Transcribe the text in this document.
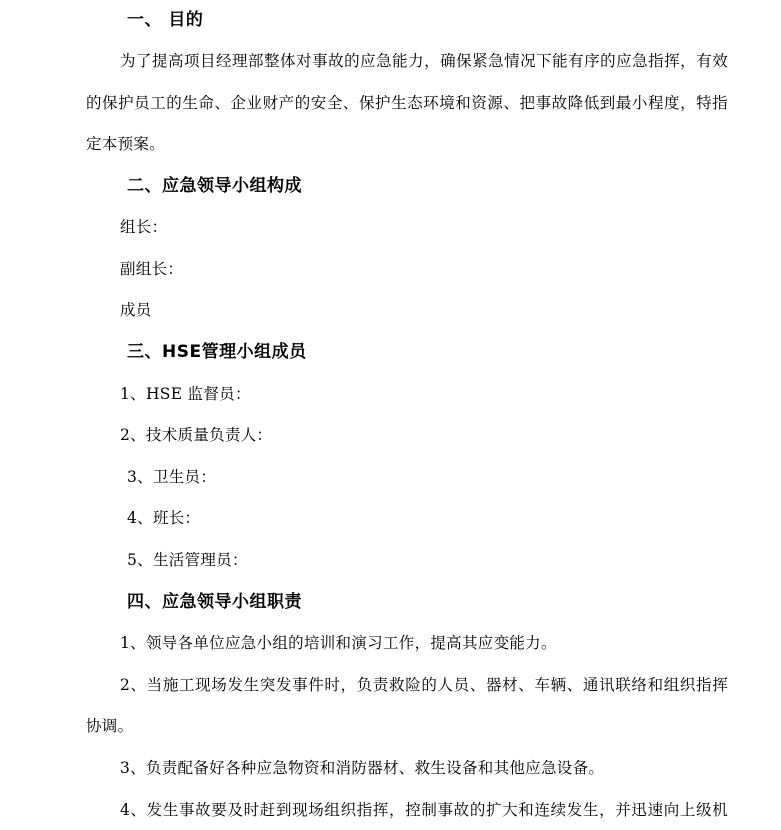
一、 目的
为了提高项目经理部整体对事故的应急能力，确保紧急情况下能有序的应急指挥，有效
的保护员工的生命、企业财产的安全、保护生态环境和资源、把事故降低到最小程度，特指
定本预案。
二、应急领导小组构成
组长：
副组长：
成员
三、HSE管理小组成员
1、HSE 监督员：
2、技术质量负责人：
3、卫生员：
4、班长：
5、生活管理员：
四、应急领导小组职责
1、领导各单位应急小组的培训和演习工作，提高其应变能力。
2、当施工现场发生突发事件时，负责救险的人员、器材、车辆、通讯联络和组织指挥
协调。
3、负责配备好各种应急物资和消防器材、救生设备和其他应急设备。
4、发生事故要及时赶到现场组织指挥，控制事故的扩大和连续发生，并迅速向上级机
